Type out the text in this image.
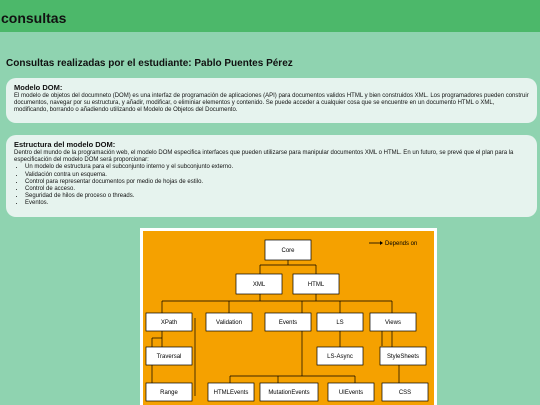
consultas
Consultas realizadas por el estudiante: Pablo Puentes Pérez
Modelo DOM:

El modelo de objetos del documneto (DOM) es una interfaz de programación de aplicaciones (API) para documentos validos HTML y bien construidos XML. Los programadores pueden construir documentos, navegar por su estructura, y añadir, modificar, o eliminiar elementos y contenido. Se puede acceder a cualquier cosa que se encuentre en un documento HTML o XML, modificando, borrando o añadiendo utilizando el Modelo de Objetos del Documento.

Estructura del modelo DOM:

Dentro del mundo de la programación web, el modelo DOM especifica interfaces que pueden utilizarse para manipular documentos XML o HTML. En un futuro, se prevé que el plan para la especificación del modelo DOM será proporcionar:

• Un modelo de estructura para el subconjunto interno y el subconjunto externo.
• Validación contra un esquema.
• Control para representar documentos por medio de hojas de estilo.
• Control de acceso.
• Seguridad de hilos de proceso o threads.
• Eventos.
Depends on
Core
XML	HTML
XPath	Validation	Events	LS	Views
Traversal	LS-Async	StyleSheets
Range	HTMLEvents	MutationEvents	UIEvents	CSS
